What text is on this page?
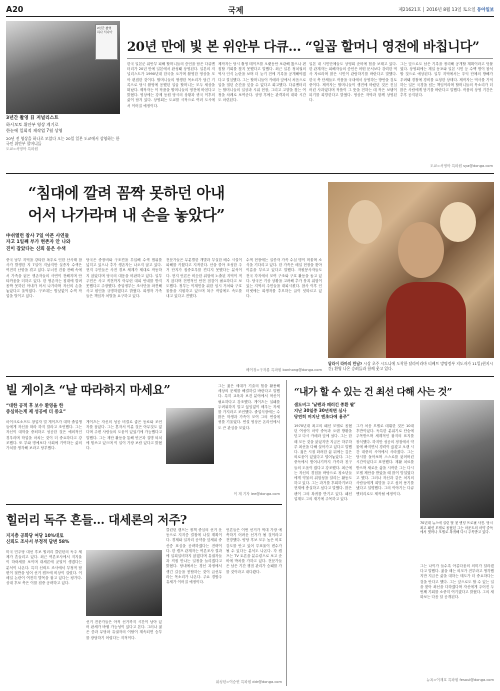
A20	국제	제21621호 │ 2016년 8월 13일 토요일 동아일보
2년간 촬영
하나 서나아
3년간 촬영 日 저널리스트
하시모토 위안부 영상 계기로
한눈에 일회적 재작업 7월 상영
20년 전 영상을 하나로 모았다 오는 20일 일본 도쿄에서 상영하는 한국인 위안부 할머니들
도쿄=서영아 특파원
20년 만에 빛 본 위안부 다큐… “일곱 할머니 영전에 바칩니다”
한국 일본군 위안부 피해 할머니들의 증언을 담은 다큐멘터리가 20년 만에 일본에서 완성돼 상영된다. 일본의 저널리스트가 1990년대 한국을 오가며 촬영한 영상을 모아 편집한 것이다. 할머니들의 생생한 목소리가 담긴 기록으로 당시 촬영에 응했던 일곱 할머니는 모두 세상을 떠났다. 제작자는 이 작품을 할머니들의 영전에 바친다고 밝혔다. 영상에는 강제 동원 당시의 상황과 귀국 이후의 삶이 담겨 있다. 상영회는 도쿄를 시작으로 여러 도시에서 이어질 예정이다.
제작자는 당시 촬영 테이프를 오랫동안 보관해 왔으나 편집할 기회를 찾지 못했다고 말했다. 최근 일본 정치권의 역사 인식 논란을 보며 더 늦기 전에 기록을 공개해야겠다고 결심했다. 그는 할머니들이 카메라 앞에서 처음으로 입을 열던 순간을 잊을 수 없다고 회고했다. 다큐멘터리는 할머니들의 일상과 시위 현장, 그리고 고향을 찾는 여정을 차례로 보여준다. 상영 후에는 관객과의 대화 시간도 마련된다.
일본 내 시민단체들도 상영회 준비에 힘을 보태고 있다. 한 관계자는 피해자들의 증언은 어떤 문서보다 강력한 역사 자료라며 많은 시민이 관람하기를 바란다고 말했다. 한국 측 단체들도 작품을 국내에서 상영하는 방안을 검토 중이다. 제작자는 할머니들이 생전에 바랐던 것은 진심 어린 사과였다며 작품이 그 뜻을 전하는 데 작은 보탬이 되기를 희망한다고 밝혔다. 영상은 자막과 함께 상영된다.
그는 앞으로도 남은 기록을 정리해 공개할 계획이라고 덧붙였다. 상영회에는 재일 동포와 일본 시민 등 수백 명이 참석할 것으로 예상된다. 일부 지역에서는 우익 단체의 방해가 우려돼 경찰에 경비를 요청한 상태다. 제작자는 역사를 기억하는 일은 국경을 넘는 책임이라며 할머니들의 목소리가 더 많은 사람에게 닿기를 바란다고 말했다. 작품의 상영 기간은 추후 공지된다.
도쿄=서영아 특파원 sya@donga.com
“침대에 깔려 꼼짝 못하던 아내
어서 나가라며 내 손을 놓았다”
中쉬엘런 참사 7일 아픈 사연들
자고 1일째 부가 현존자 안 나와
진이 잡았다는 신뢰 묻은 수색
중국 남부 지역을 강타한 폭우로 인한 산사태 참사가 발생한 지 7일이 지났지만 실종자 수색은 여전히 난항을 겪고 있다. 무너진 건물 잔해 속에서 가족을 잃은 생존자들의 사연이 전해지며 안타까움을 더하고 있다. 한 생존자는 침대에 깔려 꼼짝 못하던 아내가 어서 나가라며 자신의 손을 놓았다고 울먹였다. 구조대는 밤낮없이 수색 작업을 벌이고 있다.
당국은 중장비와 구조견을 투입해 수색 범위를 넓히고 있으나 추가 생존자는 나오지 않고 있다. 현지 주민들은 사전 경보 체계가 제대로 작동하지 않았다며 당국의 대응을 비판하고 있다. 일부 주민은 사고 직전까지 아무런 대피 안내를 받지 못했다고 주장했다. 중앙정부는 조사단을 파견해 사고 원인을 규명하겠다고 밝혔다. 희생자 가족들은 책임자 처벌을 요구하고 있다.
전문가들은 무분별한 개발과 부실한 배수 시설이 피해를 키웠다고 지적한다. 산을 깎아 조성한 주거 단지가 집중호우를 견디지 못했다는 분석이다. 현지 언론은 비슷한 위험에 노출된 지역이 적지 않다며 전면적인 안전 점검이 필요하다고 보도했다. 정부는 이재민을 위한 임시 거처와 구호 물품을 지원하고 있으며 복구 작업에도 속도를 내고 있다고 전했다.
수색 현장에는 실종자 가족 수십 명이 머물며 소식을 기다리고 있다. 한 가족은 매일 현장을 찾아 이름을 부르고 있다고 말했다. 자원봉사자들도 전국 각지에서 모여 구조와 구호 활동을 돕고 있다. 당국은 기상 상황을 고려해 추가 붕괴 위험이 있는 지역의 주민들을 대피시켰다. 참사 이후 인터넷에는 희생자를 추모하는 글이 잇따르고 있다.
베이징=구자룡 특파원 bonhong@donga.com
달라이 라마의 만남? 시상 초주 시드니에 도착한 달라이라마 티베트 망명정부 지도자가 11일(현지시간) 환영 나온 승려들과 함께 웃고 있다.
빌 게이츠 “날 따라하지 마세요”
“대한 공적 후 보수 환영을 한
중심하는게 제 성공에 더 중요”
마이크로소프트 창업자 빌 게이츠가 대학 졸업생들에게 자신을 따라 하지 말라고 조언했다. 그는 자신이 대학을 중퇴하고 성공한 것은 예외적인 경우라며 학업을 마치는 것이 더 중요하다고 강조했다. 또 부와 명예보다 사회에 기여하는 삶의 가치를 생각해 보라고 당부했다.
게이츠는 자신의 성공 비결로 좋은 동료와 조언자를 꼽았다. 그는 혼자서 이룬 것은 아무것도 없다며 주변 사람들의 도움이 있었기에 가능했다고 말했다. 그는 재단 활동을 통해 빈곤과 질병 퇴치에 힘쓰고 있으며 이 일이 가장 보람 있다고 밝혔다.
그는 젊은 세대가 기술의 힘을 활용해 세상의 문제를 해결하길 바란다고 말했다. 특히 교육과 보건 분야에서 혁신이 필요하다고 강조했다. 게이츠는 실패를 두려워하지 말고 끊임없이 배우는 자세를 가지라고 조언했다. 졸업식장에는 수많은 학생과 가족이 모여 그의 연설에 귀를 기울였다. 연설 영상은 온라인에서도 큰 관심을 모았다.
이 재 기자 lee@donga.com
힐러리 독주 흔들… 대세론의 저주?
지지층 공화당 여당 10%대로
신뢰도 조사서 부정적 답변 58%
미국 민주당 대선 후보 힐러리 클린턴의 독주 체제가 흔들리고 있다. 최근 여론조사에서 지지율이 하락세를 보이며 대세론에 균열이 생겼다는 분석이 나온다. 특히 신뢰도 조사에서 부정적 답변이 절반을 넘어 선거 캠프에 비상이 걸렸다. 이메일 논란이 여전히 발목을 잡고 있다는 평가다. 상대 후보 측은 이를 집중 공략하고 있다.
선거 전문가들은 아직 선거까지 시간이 남아 있어 판세가 바뀔 가능성이 있다고 본다. 그러나 젊은 층과 무당파 유권자의 이탈이 계속되면 승부를 장담하기 어렵다는 지적이다.
클린턴 캠프는 정책 중심의 선거 운동으로 지지층 결집에 나설 계획이다. 경제와 일자리 공약을 앞세워 중산층 표심을 공략하겠다는 전략이다. 한 캠프 관계자는 여론조사 결과에 일희일비하지 않겠다며 유권자들과 직접 만나는 일정을 늘리겠다고 밝혔다. 당내에서는 경선 과정에서 생긴 갈등을 봉합하는 것이 급선무라는 목소리가 나온다. 주요 경합주 유세가 이어질 예정이다.
언론들은 이번 선거가 역대 가장 예측하기 어려운 선거가 될 것이라고 전망했다. 양당 후보 모두 높은 비호감도를 안고 있어 투표율이 변수가 될 수 있다는 분석도 나온다. 각 캠프는 TV 토론을 분수령으로 보고 준비에 박차를 가하고 있다. 전문가들은 남은 기간 쟁점 관리가 승패를 가를 것이라고 내다봤다.
워싱턴=이승헌 특파원 ddr@donga.com
“내가 할 수 있는 건 최선 다해 사는 것”
샘도비그 ‘날렌과 패러긴 종환 팔’
지난 30일중 30년적면 심사
당연히 머지난 엔초다에 용주”
70년대 뉴스에 실린 딸 첫 앤딩 프로필 사진. 당시 최고 패션 모델로 꼽혔던 그는 마운트의 마약 중독에서 벗어나 모델로 복귀해 다시 주목받고 있다.
1970년대 최고의 패션 모델로 꼽혔던 여성이 마약 중독과 오랜 방황을 딛고 다시 카메라 앞에 섰다. 그는 한때 모든 것을 잃었지만 지금은 하루하루 최선을 다해 살아가고 있다고 말했다. 젊은 시절 화려한 삶 뒤에는 깊은 외로움이 있었다고 털어놓았다. 그는 중독에서 벗어나기까지 가족과 친구들의 도움이 컸다고 강조했다. 최근에는 자신의 경험을 바탕으로 청소년들에게 약물의 위험성을 알리는 활동도 하고 있다. 그는 과거를 후회하기보다 현재에 충실하고 싶다고 말했다. 많은 팬이 그의 복귀를 반기고 있다. 패션 업계도 그의 재기에 주목하고 있다.
그가 처음 모델로 데뷔한 것은 10대 후반이었다. 독특한 분위기로 단숨에 주목받으며 세계적인 잡지의 표지를 장식했다. 하지만 성공의 정점에서 약물에 빠지면서 경력이 끊겼고 오랜 시간 대중의 시야에서 사라졌다. 그는 당시를 돌아보며 스스로를 잃어버린 시간이었다고 표현했다. 재활 치료를 받으며 새로운 삶을 시작한 그는 다시 모델 제안을 받았을 때 많이 망설였다고 했다. 그러나 자신과 같은 처지의 사람들에게 희망을 주고 싶어 용기를 냈다고 설명했다. 그의 이야기는 다큐멘터리로도 제작될 예정이다.
그는 나이가 들수록 아름다움의 의미가 달라졌다고 말했다. 젊을 때는 외모가 전부라고 생각했지만 지금은 삶을 대하는 태도가 더 중요하다는 것을 안다고 했다. 그는 앞으로도 할 수 있는 일을 찾아 최선을 다하겠다며 자신에게 주어진 두 번째 기회를 소중히 여기겠다고 밝혔다. 그의 새 화보는 다음 달 공개된다.
뉴욕=이재호 특파원 fesoul@donga.com
